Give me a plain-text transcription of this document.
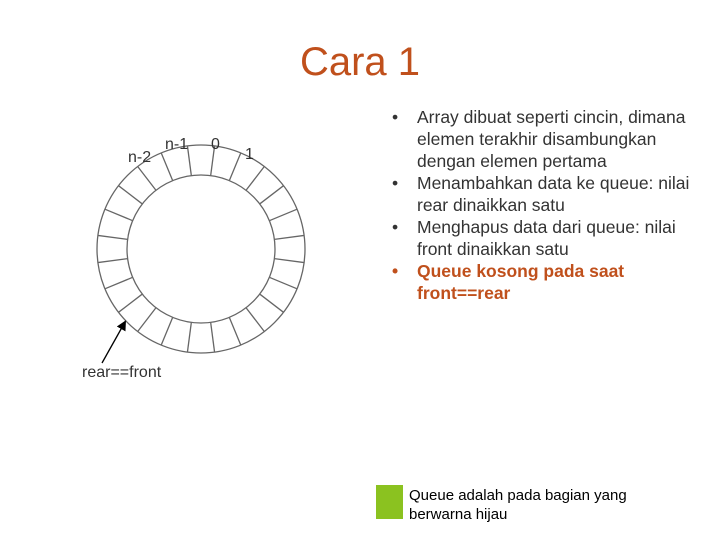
Cara 1
n-2
n-1 0
1
rear==front
• Array dibuat seperti cincin, dimana elemen terakhir disambungkan dengan elemen pertama
• Menambahkan data ke queue: nilai rear dinaikkan satu
• Menghapus data dari queue: nilai front dinaikkan satu
• Queue kosong pada saat front==rear
Queue adalah pada bagian yang berwarna hijau
